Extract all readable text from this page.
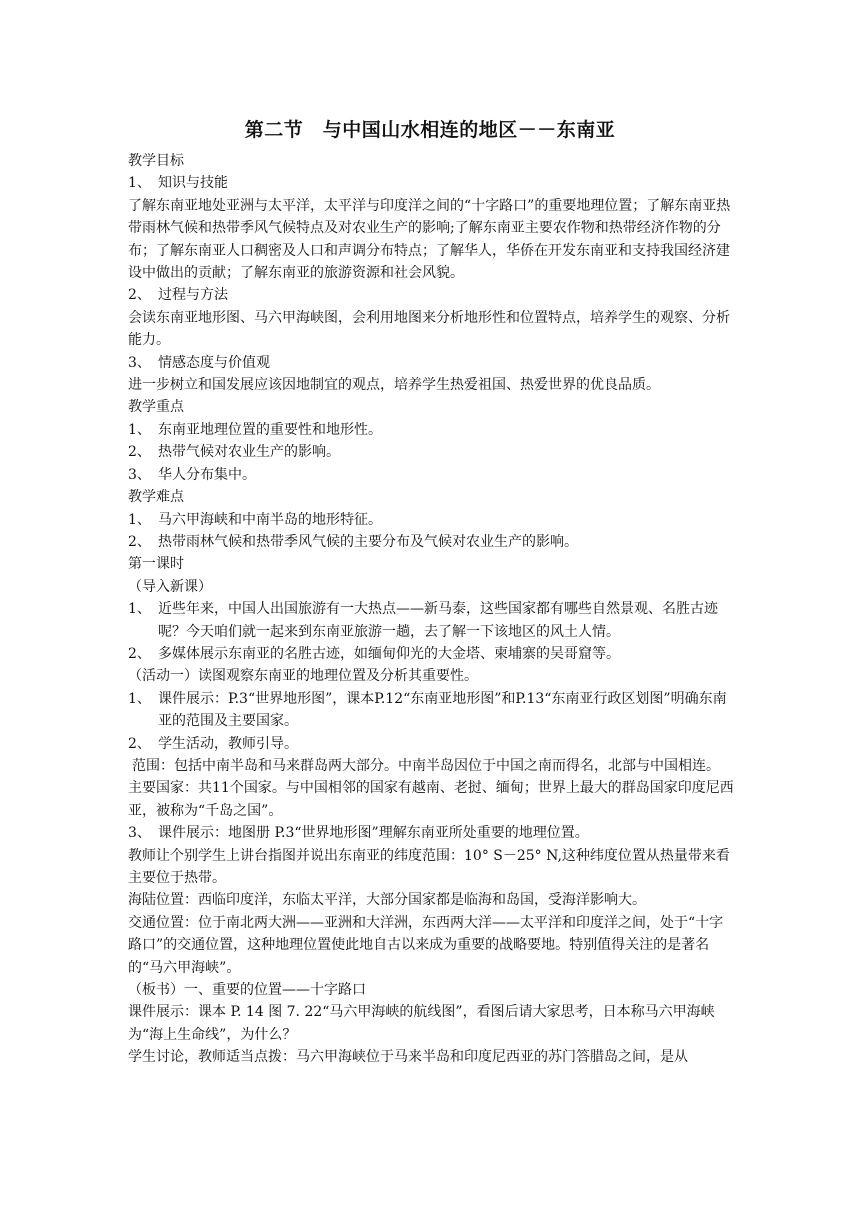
第二节　与中国山水相连的地区－－东南亚

教学目标

1、 知识与技能

了解东南亚地处亚洲与太平洋，太平洋与印度洋之间的“十字路口”的重要地理位置；了解东南亚热带雨林气候和热带季风气候特点及对农业生产的影响;了解东南亚主要农作物和热带经济作物的分布；了解东南亚人口稠密及人口和声调分布特点；了解华人，华侨在开发东南亚和支持我国经济建设中做出的贡献；了解东南亚的旅游资源和社会风貌。

2、 过程与方法

会读东南亚地形图、马六甲海峡图，会利用地图来分析地形性和位置特点，培养学生的观察、分析能力。

3、 情感态度与价值观

进一步树立和国发展应该因地制宜的观点，培养学生热爱祖国、热爱世界的优良品质。

教学重点

1、 东南亚地理位置的重要性和地形性。

2、 热带气候对农业生产的影响。

3、 华人分布集中。

教学难点

1、 马六甲海峡和中南半岛的地形特征。

2、 热带雨林气候和热带季风气候的主要分布及气候对农业生产的影响。

第一课时

（导入新课）

1、 近些年来，中国人出国旅游有一大热点——新马泰，这些国家都有哪些自然景观、名胜古迹呢？今天咱们就一起来到东南亚旅游一趟，去了解一下该地区的风土人情。

2、 多媒体展示东南亚的名胜古迹，如缅甸仰光的大金塔、柬埔寨的吴哥窟等。

（活动一）读图观察东南亚的地理位置及分析其重要性。

1、 课件展示：P.3“世界地形图”，课本P.12“东南亚地形图”和P.13“东南亚行政区划图”明确东南亚的范围及主要国家。

2、 学生活动，教师引导。

范围：包括中南半岛和马来群岛两大部分。中南半岛因位于中国之南而得名，北部与中国相连。

主要国家：共11个国家。与中国相邻的国家有越南、老挝、缅甸；世界上最大的群岛国家印度尼西亚，被称为“千岛之国”。

3、 课件展示：地图册 P.3“世界地形图”理解东南亚所处重要的地理位置。

教师让个别学生上讲台指图并说出东南亚的纬度范围：10° S－25° N,这种纬度位置从热量带来看主要位于热带。

海陆位置：西临印度洋，东临太平洋，大部分国家都是临海和岛国，受海洋影响大。

交通位置：位于南北两大洲——亚洲和大洋洲，东西两大洋——太平洋和印度洋之间，处于“十字路口”的交通位置，这种地理位置使此地自古以来成为重要的战略要地。特别值得关注的是著名的“马六甲海峡”。

（板书）一、重要的位置——十字路口

课件展示：课本 P. 14 图 7. 22“马六甲海峡的航线图”，看图后请大家思考，日本称马六甲海峡为“海上生命线”，为什么？

学生讨论，教师适当点拨：马六甲海峡位于马来半岛和印度尼西亚的苏门答腊岛之间，是从
